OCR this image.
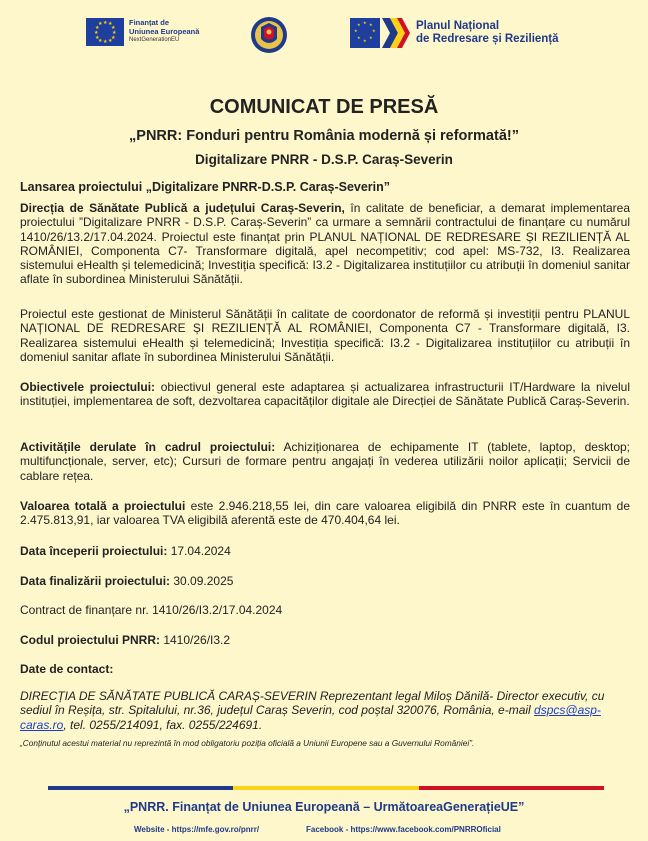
★ ★
★
★
★
★
★
★
★
★
★
★	Finanțat de
Uniunea Europeană
NextGenerationEU
★ ★
★
★
★
★
★
★	Planul Național
de Redresare și Reziliență
COMUNICAT DE PRESĂ
„PNRR: Fonduri pentru România modernă și reformată!”
Digitalizare PNRR - D.S.P. Caraș-Severin
Lansarea proiectului „Digitalizare PNRR-D.S.P. Caraș-Severin”
Direcția de Sănătate Publică a județului Caraș-Severin, în calitate de beneficiar, a demarat implementarea proiectului ”Digitalizare PNRR - D.S.P. Caraș-Severin” ca urmare a semnării contractului de finanțare cu numărul 1410/26/13.2/17.04.2024. Proiectul este finanțat prin PLANUL NAȚIONAL DE REDRESARE ȘI REZILIENȚĂ AL ROMÂNIEI, Componenta C7- Transformare digitală, apel necompetitiv; cod apel: MS-732, I3. Realizarea sistemului eHealth și telemedicină; Investiția specifică: I3.2 - Digitalizarea instituțiilor cu atribuții în domeniul sanitar aflate în subordinea Ministerului Sănătății.
Proiectul este gestionat de Ministerul Sănătății în calitate de coordonator de reformă și investiții pentru PLANUL NAȚIONAL DE REDRESARE ȘI REZILIENȚĂ AL ROMÂNIEI, Componenta C7 - Transformare digitală, I3. Realizarea sistemului eHealth și telemedicină; Investiția specifică: I3.2 - Digitalizarea instituțiilor cu atribuții în domeniul sanitar aflate în subordinea Ministerului Sănătății.
Obiectivele proiectului: obiectivul general este adaptarea și actualizarea infrastructurii IT/Hardware la nivelul instituției, implementarea de soft, dezvoltarea capacităților digitale ale Direcției de Sănătate Publică Caraș-Severin.
Activitățile derulate în cadrul proiectului: Achiziționarea de echipamente IT (tablete, laptop, desktop; multifuncționale, server, etc); Cursuri de formare pentru angajați în vederea utilizării noilor aplicații; Servicii de cablare rețea.
Valoarea totală a proiectului este 2.946.218,55 lei, din care valoarea eligibilă din PNRR este în cuantum de 2.475.813,91, iar valoarea TVA eligibilă aferentă este de 470.404,64 lei.
Data începerii proiectului: 17.04.2024
Data finalizării proiectului: 30.09.2025
Contract de finanțare nr. 1410/26/I3.2/17.04.2024
Codul proiectului PNRR: 1410/26/I3.2
Date de contact:
DIRECȚIA DE SĂNĂTATE PUBLICĂ CARAȘ-SEVERIN Reprezentant legal Miloș Dănilă- Director executiv, cu sediul în Reșița, str. Spitalului, nr.36, județul Caraș Severin, cod poștal 320076, România, e-mail dspcs@asp-caras.ro, tel. 0255/214091, fax. 0255/224691.
„Conținutul acestui material nu reprezintă în mod obligatoriu poziția oficială a Uniunii Europene sau a Guvernului României”.
„PNRR. Finanțat de Uniunea Europeană – UrmătoareaGenerațieUE”
Website - https://mfe.gov.ro/pnrr/	Facebook - https://www.facebook.com/PNRROficial
